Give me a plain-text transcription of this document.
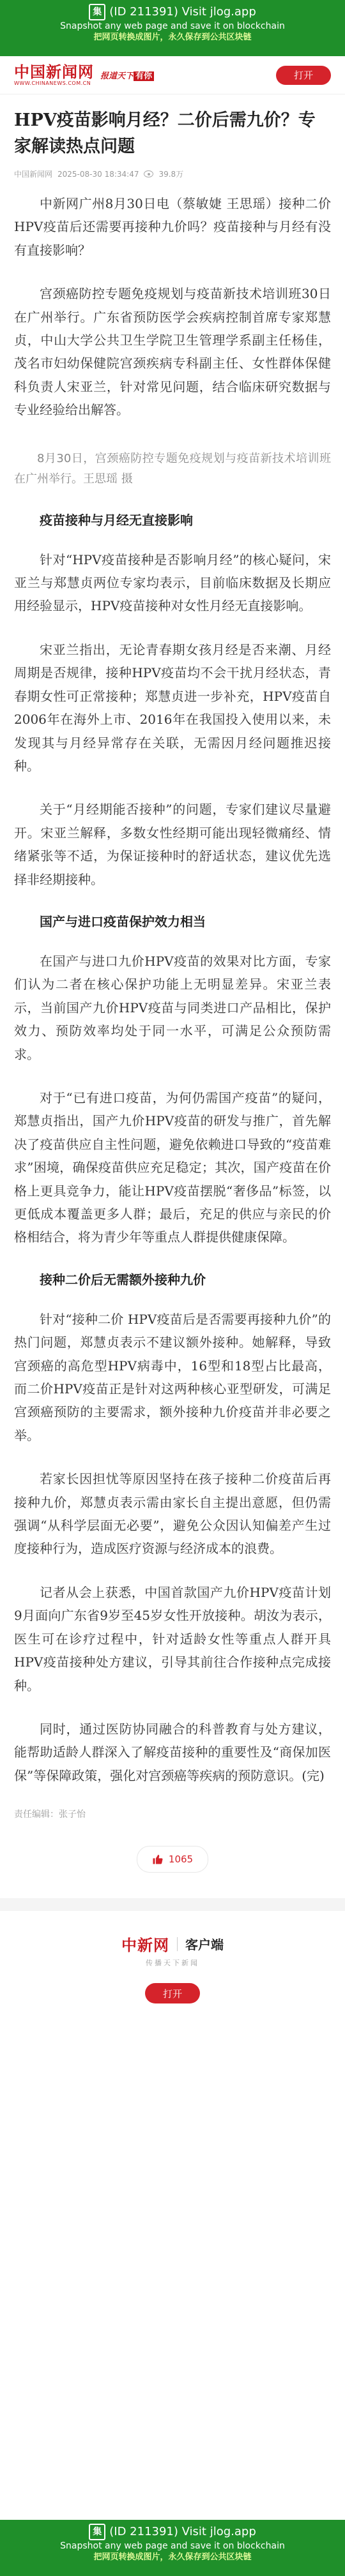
集 (ID 211391) Visit jlog.app
Snapshot any web page and save it on blockchain
把网页转换成图片，永久保存到公共区块链
中国新闻网
WWW.CHINANEWS.COM.CN
报道天下 有你	打开
HPV疫苗影响月经？二价后需九价？专家解读热点问题
中国新闻网 2025-08-30 18:34:47	39.8万

中新网广州8月30日电（蔡敏婕 王思瑶）接种二价HPV疫苗后还需要再接种九价吗？疫苗接种与月经有没有直接影响？

宫颈癌防控专题免疫规划与疫苗新技术培训班30日在广州举行。广东省预防医学会疾病控制首席专家郑慧贞，中山大学公共卫生学院卫生管理学系副主任杨佳，茂名市妇幼保健院宫颈疾病专科副主任、女性群体保健科负责人宋亚兰，针对常见问题，结合临床研究数据与专业经验给出解答。

8月30日，宫颈癌防控专题免疫规划与疫苗新技术培训班在广州举行。王思瑶 摄

疫苗接种与月经无直接影响

针对“HPV疫苗接种是否影响月经”的核心疑问，宋亚兰与郑慧贞两位专家均表示，目前临床数据及长期应用经验显示，HPV疫苗接种对女性月经无直接影响。

宋亚兰指出，无论青春期女孩月经是否来潮、月经周期是否规律，接种HPV疫苗均不会干扰月经状态，青春期女性可正常接种；郑慧贞进一步补充，HPV疫苗自2006年在海外上市、2016年在我国投入使用以来，未发现其与月经异常存在关联，无需因月经问题推迟接种。

关于“月经期能否接种”的问题，专家们建议尽量避开。宋亚兰解释，多数女性经期可能出现轻微痛经、情绪紧张等不适，为保证接种时的舒适状态，建议优先选择非经期接种。

国产与进口疫苗保护效力相当

在国产与进口九价HPV疫苗的效果对比方面，专家们认为二者在核心保护功能上无明显差异。宋亚兰表示，当前国产九价HPV疫苗与同类进口产品相比，保护效力、预防效率均处于同一水平，可满足公众预防需求。

对于“已有进口疫苗，为何仍需国产疫苗”的疑问，郑慧贞指出，国产九价HPV疫苗的研发与推广，首先解决了疫苗供应自主性问题，避免依赖进口导致的“疫苗难求”困境，确保疫苗供应充足稳定；其次，国产疫苗在价格上更具竞争力，能让HPV疫苗摆脱“奢侈品”标签，以更低成本覆盖更多人群；最后，充足的供应与亲民的价格相结合，将为青少年等重点人群提供健康保障。

接种二价后无需额外接种九价

针对“接种二价 HPV疫苗后是否需要再接种九价”的热门问题，郑慧贞表示不建议额外接种。她解释，导致宫颈癌的高危型HPV病毒中，16型和18型占比最高，而二价HPV疫苗正是针对这两种核心亚型研发，可满足宫颈癌预防的主要需求，额外接种九价疫苗并非必要之举。

若家长因担忧等原因坚持在孩子接种二价疫苗后再接种九价，郑慧贞表示需由家长自主提出意愿，但仍需强调“从科学层面无必要”，避免公众因认知偏差产生过度接种行为，造成医疗资源与经济成本的浪费。

记者从会上获悉，中国首款国产九价HPV疫苗计划9月面向广东省9岁至45岁女性开放接种。胡汝为表示，医生可在诊疗过程中，针对适龄女性等重点人群开具HPV疫苗接种处方建议，引导其前往合作接种点完成接种。

同时，通过医防协同融合的科普教育与处方建议，能帮助适龄人群深入了解疫苗接种的重要性及“商保加医保”等保障政策，强化对宫颈癌等疾病的预防意识。(完)

责任编辑：张子怡
1065
中新网 客户端
传播天下新闻
打开
集 (ID 211391) Visit jlog.app
Snapshot any web page and save it on blockchain
把网页转换成图片，永久保存到公共区块链
